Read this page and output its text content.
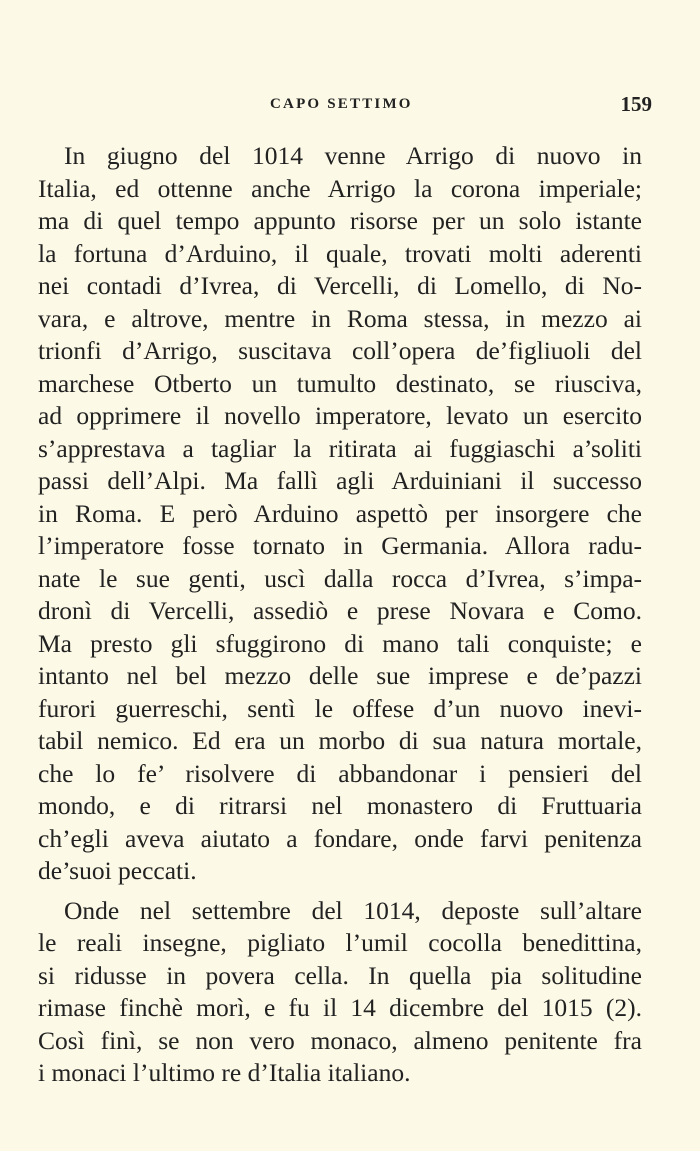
CAPO SETTIMO	159
In giugno del 1014 venne Arrigo di nuovo in
Italia, ed ottenne anche Arrigo la corona imperiale;
ma di quel tempo appunto risorse per un solo istante
la fortuna d’Arduino, il quale, trovati molti aderenti
nei contadi d’Ivrea, di Vercelli, di Lomello, di No-
vara, e altrove, mentre in Roma stessa, in mezzo ai
trionfi d’Arrigo, suscitava coll’opera de’figliuoli del
marchese Otberto un tumulto destinato, se riusciva,
ad opprimere il novello imperatore, levato un esercito
s’apprestava a tagliar la ritirata ai fuggiaschi a’soliti
passi dell’Alpi. Ma fallì agli Arduiniani il successo
in Roma. E però Arduino aspettò per insorgere che
l’imperatore fosse tornato in Germania. Allora radu-
nate le sue genti, uscì dalla rocca d’Ivrea, s’impa-
dronì di Vercelli, assediò e prese Novara e Como.
Ma presto gli sfuggirono di mano tali conquiste; e
intanto nel bel mezzo delle sue imprese e de’pazzi
furori guerreschi, sentì le offese d’un nuovo inevi-
tabil nemico. Ed era un morbo di sua natura mortale,
che lo fe’ risolvere di abbandonar i pensieri del
mondo, e di ritrarsi nel monastero di Fruttuaria
ch’egli aveva aiutato a fondare, onde farvi penitenza
de’suoi peccati.
Onde nel settembre del 1014, deposte sull’altare
le reali insegne, pigliato l’umil cocolla benedittina,
si ridusse in povera cella. In quella pia solitudine
rimase finchè morì, e fu il 14 dicembre del 1015 (2).
Così finì, se non vero monaco, almeno penitente fra
i monaci l’ultimo re d’Italia italiano.
